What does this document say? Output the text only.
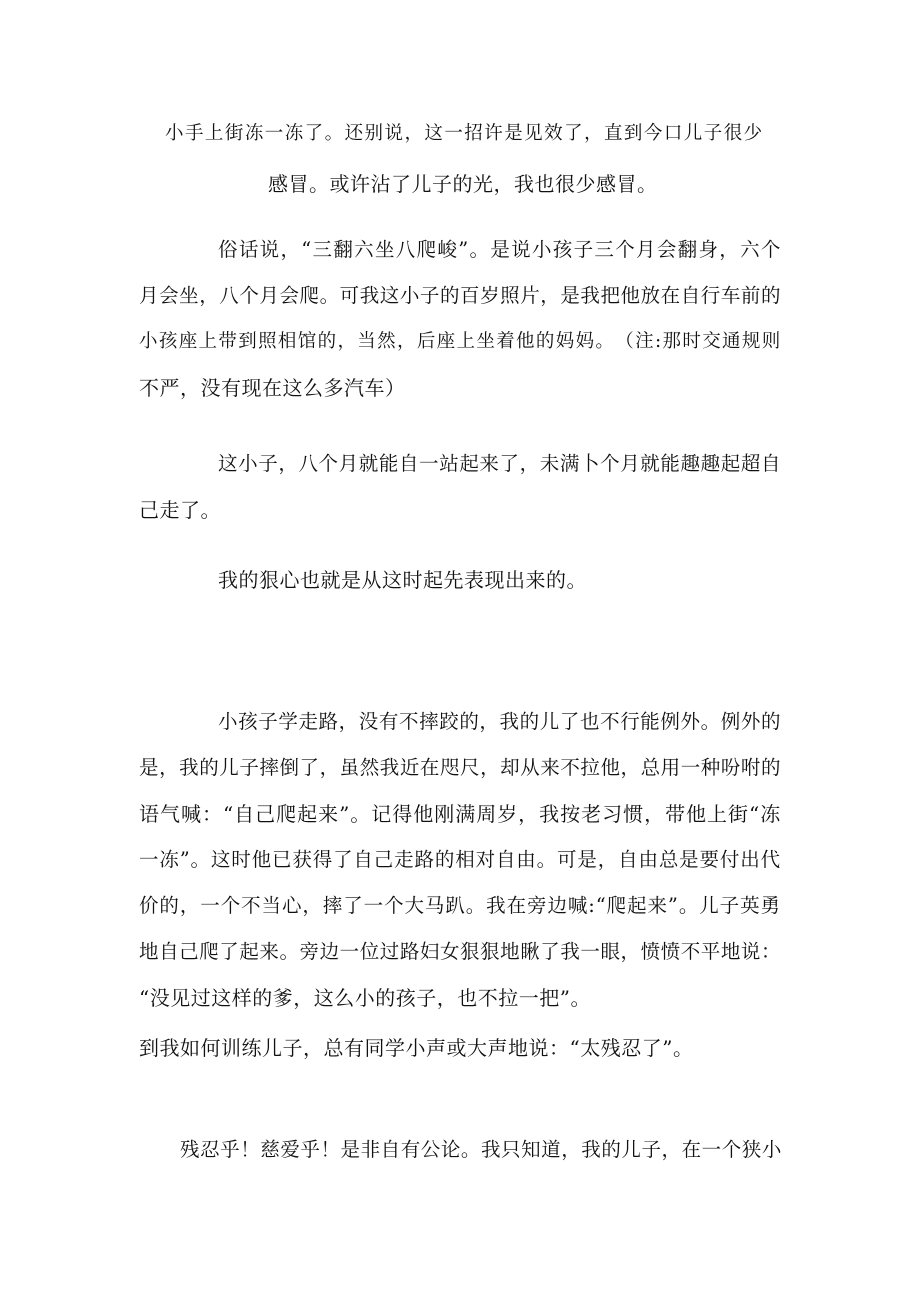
小 手 上 街 冻 一 冻 了 。 还 别 说 ， 这 一 招 许 是 见 效 了 ， 直 到 今 口 儿 子 很 少
感冒。或许沾了儿子的光，我也很少感冒。
俗 话 说 ， “ 三 翻 六 坐 八 爬 峻 ” 。 是 说 小 孩 子 三 个 月 会 翻 身 ， 六 个
月 会 坐 ， 八 个 月 会 爬 。 可 我 这 小 子 的 百 岁 照 片 ， 是 我 把 他 放 在 自 行 车 前 的
小 孩 座 上 带 到 照 相 馆 的 ， 当 然 ， 后 座 上 坐 着 他 的 妈 妈 。 （ 注 : 那 时 交 通 规 则
不严，没有现在这么多汽车）
这 小 子 ， 八 个 月 就 能 自 一 站 起 来 了 ， 未 满 卜 个 月 就 能 趣 趣 起 超 自
己走了。
我的狠心也就是从这时起先表现出来的。
小 孩 子 学 走 路 ， 没 有 不 摔 跤 的 ， 我 的 儿 了 也 不 行 能 例 外 。 例 外 的
是 ， 我 的 儿 子 摔 倒 了 ， 虽 然 我 近 在 咫 尺 ， 却 从 来 不 拉 他 ， 总 用 一 种 吩 咐 的
语 气 喊 ： “ 自 己 爬 起 来 ” 。 记 得 他 刚 满 周 岁 ， 我 按 老 习 惯 ， 带 他 上 街 “ 冻
一 冻 ” 。 这 时 他 已 获 得 了 自 己 走 路 的 相 对 自 由 。 可 是 ， 自 由 总 是 要 付 出 代
价 的 ， 一 个 不 当 心 ， 摔 了 一 个 大 马 趴 。 我 在 旁 边 喊 : “ 爬 起 来 ” 。 儿 子 英 勇
地 自 己 爬 了 起 来 。 旁 边 一 位 过 路 妇 女 狠 狠 地 瞅 了 我 一 眼 ， 愤 愤 不 平 地 说 ：
“没见过这样的爹，这么小的孩子，也不拉一把”。
到我如何训练儿子，总有同学小声或大声地说：“太残忍了”。
残 忍 乎 ！ 慈 爱 乎 ！ 是 非 自 有 公 论 。 我 只 知 道 ， 我 的 儿 子 ， 在 一 个 狭 小
